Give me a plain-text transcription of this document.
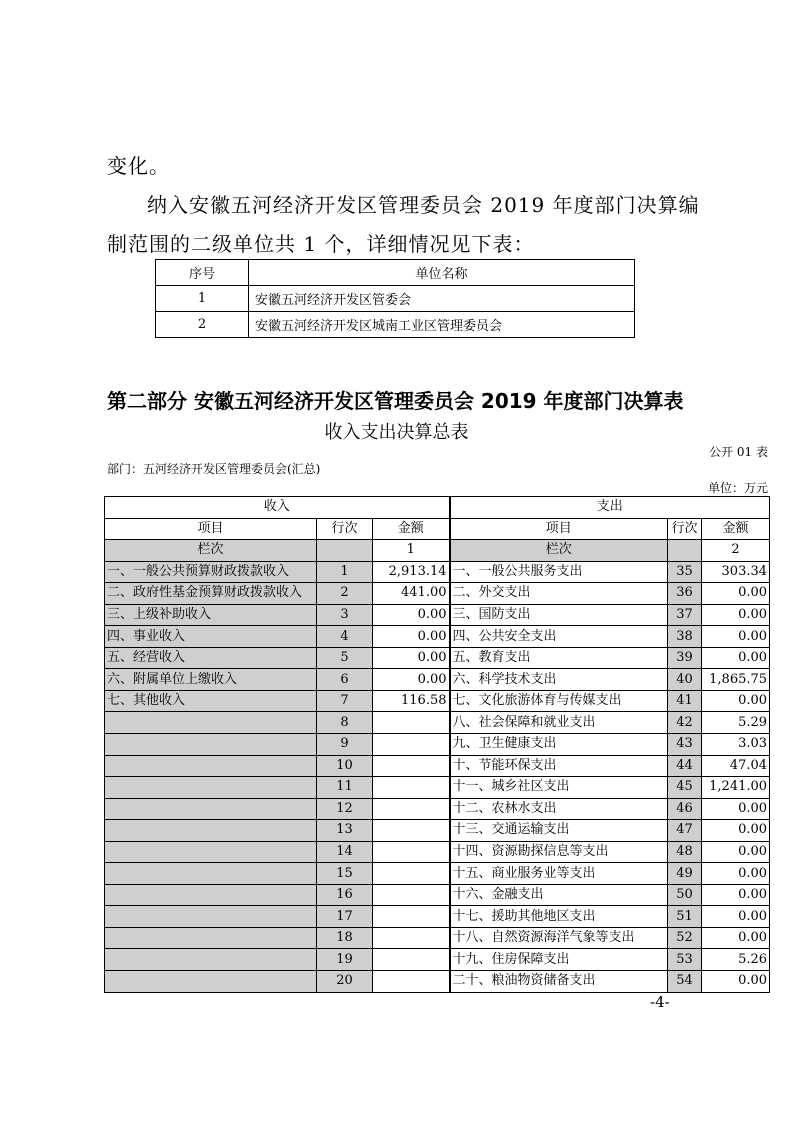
变化。
纳入安徽五河经济开发区管理委员会 2019 年度部门决算编
制范围的二级单位共 1 个，详细情况见下表：
序号	单位名称
1	安徽五河经济开发区管委会
2	安徽五河经济开发区城南工业区管理委员会
第二部分 安徽五河经济开发区管理委员会 2019 年度部门决算表
收入支出决算总表
公开 01 表
部门：五河经济开发区管理委员会(汇总)
单位：万元
收入			支出		
项目	行次	金额	项目	行次	金额
栏次		1	栏次		2
一、一般公共预算财政拨款收入	1	2,913.14	一、一般公共服务支出	35	303.34
二、政府性基金预算财政拨款收入	2	441.00	二、外交支出	36	0.00
三、上级补助收入	3	0.00	三、国防支出	37	0.00
四、事业收入	4	0.00	四、公共安全支出	38	0.00
五、经营收入	5	0.00	五、教育支出	39	0.00
六、附属单位上缴收入	6	0.00	六、科学技术支出	40	1,865.75
七、其他收入	7	116.58	七、文化旅游体育与传媒支出	41	0.00
	8		八、社会保障和就业支出	42	5.29
	9		九、卫生健康支出	43	3.03
	10		十、节能环保支出	44	47.04
	11		十一、城乡社区支出	45	1,241.00
	12		十二、农林水支出	46	0.00
	13		十三、交通运输支出	47	0.00
	14		十四、资源勘探信息等支出	48	0.00
	15		十五、商业服务业等支出	49	0.00
	16		十六、金融支出	50	0.00
	17		十七、援助其他地区支出	51	0.00
	18		十八、自然资源海洋气象等支出	52	0.00
	19		十九、住房保障支出	53	5.26
	20		二十、粮油物资储备支出	54	0.00
-4-
